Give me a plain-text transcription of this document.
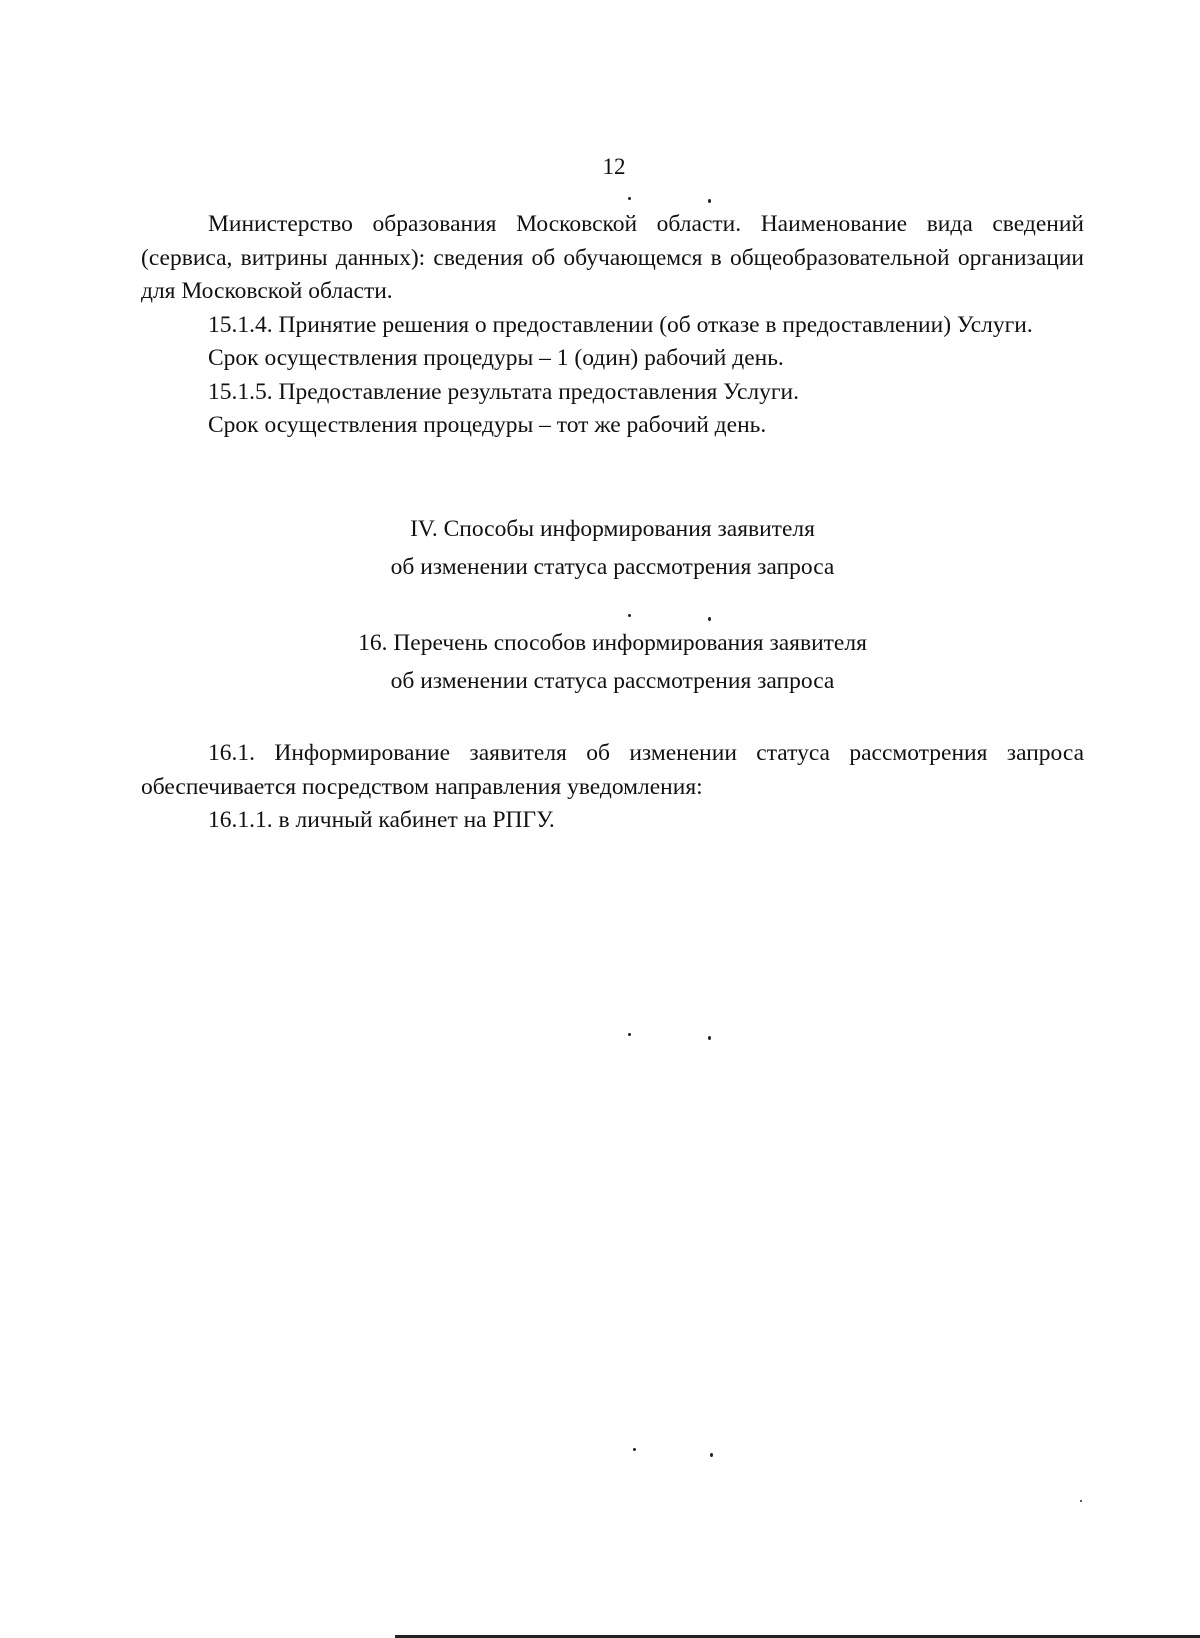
12

Министерство образования Московской области. Наименование вида сведений (сервиса, витрины данных): сведения об обучающемся в общеобразовательной организации для Московской области.

15.1.4. Принятие решения о предоставлении (об отказе в предоставлении) Услуги.

Срок осуществления процедуры – 1 (один) рабочий день.

15.1.5. Предоставление результата предоставления Услуги.

Срок осуществления процедуры – тот же рабочий день.

IV. Способы информирования заявителя
об изменении статуса рассмотрения запроса
16. Перечень способов информирования заявителя
об изменении статуса рассмотрения запроса

16.1. Информирование заявителя об изменении статуса рассмотрения запроса обеспечивается посредством направления уведомления:

16.1.1. в личный кабинет на РПГУ.
